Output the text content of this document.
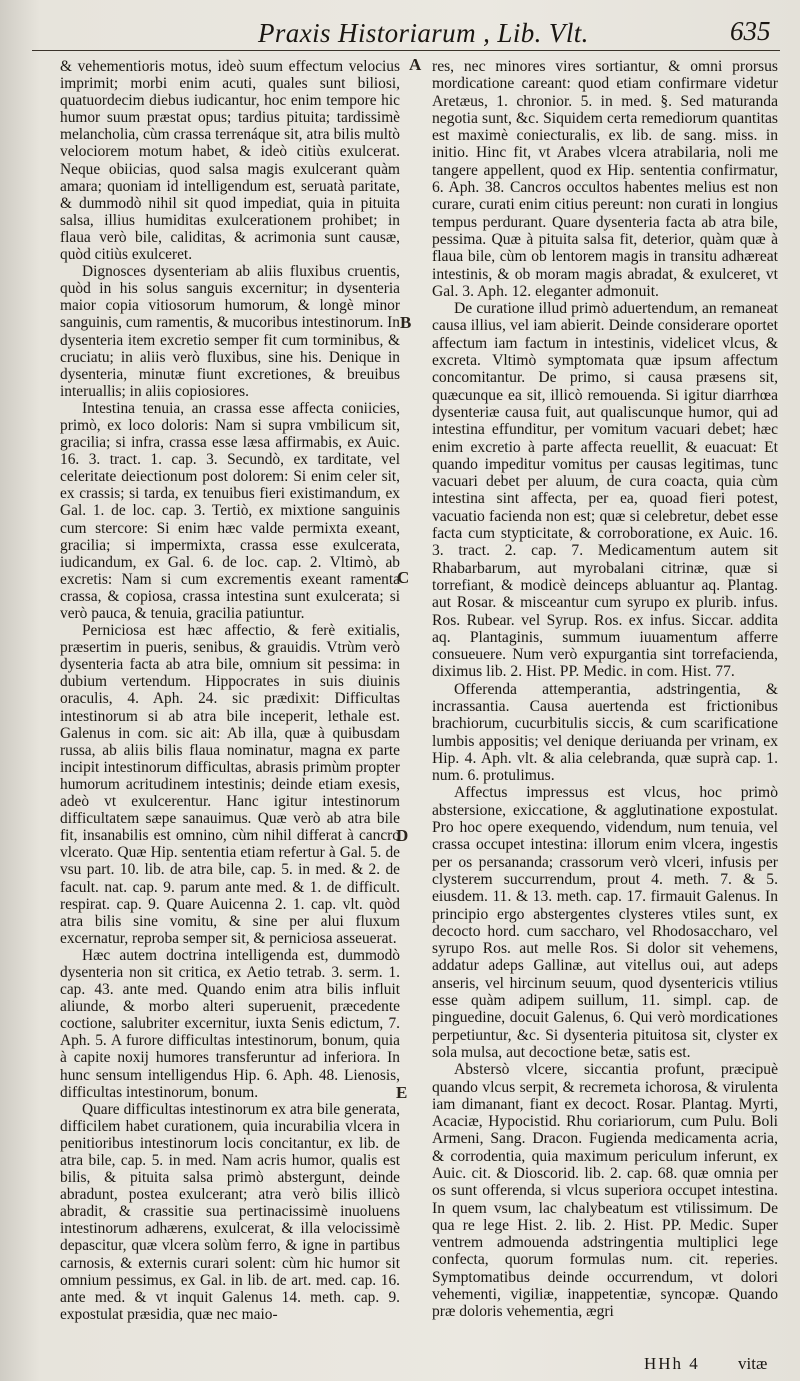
Praxis Historiarum , Lib. Vlt.	635

& vehementioris motus, ideò suum effectum velocius imprimit; morbi enim acuti, quales sunt biliosi, quatuordecim diebus iudicantur, hoc enim tempore hic humor suum præstat opus; tardius pituita; tardissimè melancholia, cùm crassa terrenáque sit, atra bilis multò velociorem motum habet, & ideò citiùs exulcerat. Neque obiicias, quod salsa magis exulcerant quàm amara; quoniam id intelligendum est, seruatà paritate, & dummodò nihil sit quod impediat, quia in pituita salsa, illius humiditas exulcerationem prohibet; in flaua verò bile, caliditas, & acrimonia sunt causæ, quòd citiùs exulceret.

Dignosces dysenteriam ab aliis fluxibus cruentis, quòd in his solus sanguis excernitur; in dysenteria maior copia vitiosorum humorum, & longè minor sanguinis, cum ramentis, & mucoribus intestinorum. In dysenteria item excretio semper fit cum torminibus, & cruciatu; in aliis verò fluxibus, sine his. Denique in dysenteria, minutæ fiunt excretiones, & breuibus interuallis; in aliis copiosiores.

Intestina tenuia, an crassa esse affecta coniicies, primò, ex loco doloris: Nam si supra vmbilicum sit, gracilia; si infra, crassa esse læsa affirmabis, ex Auic. 16. 3. tract. 1. cap. 3. Secundò, ex tarditate, vel celeritate deiectionum post dolorem: Si enim celer sit, ex crassis; si tarda, ex tenuibus fieri existimandum, ex Gal. 1. de loc. cap. 3. Tertiò, ex mixtione sanguinis cum stercore: Si enim hæc valde permixta exeant, gracilia; si impermixta, crassa esse exulcerata, iudicandum, ex Gal. 6. de loc. cap. 2. Vltimò, ab excretis: Nam si cum excrementis exeant ramenta crassa, & copiosa, crassa intestina sunt exulcerata; si verò pauca, & tenuia, gracilia patiuntur.

Perniciosa est hæc affectio, & ferè exitialis, præsertim in pueris, senibus, & grauidis. Vtrùm verò dysenteria facta ab atra bile, omnium sit pessima: in dubium vertendum. Hippocrates in suis diuinis oraculis, 4. Aph. 24. sic prædixit: Difficultas intestinorum si ab atra bile inceperit, lethale est. Galenus in com. sic ait: Ab illa, quæ à quibusdam russa, ab aliis bilis flaua nominatur, magna ex parte incipit intestinorum difficultas, abrasis primùm propter humorum acritudinem intestinis; deinde etiam exesis, adeò vt exulcerentur. Hanc igitur intestinorum difficultatem sæpe sanauimus. Quæ verò ab atra bile fit, insanabilis est omnino, cùm nihil differat à cancro vlcerato. Quæ Hip. sententia etiam refertur à Gal. 5. de vsu part. 10. lib. de atra bile, cap. 5. in med. & 2. de facult. nat. cap. 9. parum ante med. & 1. de difficult. respirat. cap. 9. Quare Auicenna 2. 1. cap. vlt. quòd atra bilis sine vomitu, & sine per alui fluxum excernatur, reproba semper sit, & perniciosa asseuerat.

Hæc autem doctrina intelligenda est, dummodò dysenteria non sit critica, ex Aetio tetrab. 3. serm. 1. cap. 43. ante med. Quando enim atra bilis influit aliunde, & morbo alteri superuenit, præcedente coctione, salubriter excernitur, iuxta Senis edictum, 7. Aph. 5. A furore difficultas intestinorum, bonum, quia à capite noxij humores transferuntur ad inferiora. In hunc sensum intelligendus Hip. 6. Aph. 48. Lienosis, difficultas intestinorum, bonum.

Quare difficultas intestinorum ex atra bile generata, difficilem habet curationem, quia incurabilia vlcera in penitioribus intestinorum locis concitantur, ex lib. de atra bile, cap. 5. in med. Nam acris humor, qualis est bilis, & pituita salsa primò abstergunt, deinde abradunt, postea exulcerant; atra verò bilis illicò abradit, & crassitie sua pertinacissimè inuoluens intestinorum adhærens, exulcerat, & illa velocissimè depascitur, quæ vlcera solùm ferro, & igne in partibus carnosis, & externis curari solent: cùm hic humor sit omnium pessimus, ex Gal. in lib. de art. med. cap. 16. ante med. & vt inquit Galenus 14. meth. cap. 9. expostulat præsidia, quæ nec maio-

A
B
C
D
E

res, nec minores vires sortiantur, & omni prorsus mordicatione careant: quod etiam confirmare videtur Aretæus, 1. chronior. 5. in med. §. Sed maturanda negotia sunt, &c. Siquidem certa remediorum quantitas est maximè coniecturalis, ex lib. de sang. miss. in initio. Hinc fit, vt Arabes vlcera atrabilaria, noli me tangere appellent, quod ex Hip. sententia confirmatur, 6. Aph. 38. Cancros occultos habentes melius est non curare, curati enim citius pereunt: non curati in longius tempus perdurant. Quare dysenteria facta ab atra bile, pessima. Quæ à pituita salsa fit, deterior, quàm quæ à flaua bile, cùm ob lentorem magis in transitu adhæreat intestinis, & ob moram magis abradat, & exulceret, vt Gal. 3. Aph. 12. eleganter admonuit.

De curatione illud primò aduertendum, an remaneat causa illius, vel iam abierit. Deinde considerare oportet affectum iam factum in intestinis, videlicet vlcus, & excreta. Vltimò symptomata quæ ipsum affectum concomitantur. De primo, si causa præsens sit, quæcunque ea sit, illicò remouenda. Si igitur diarrhœa dysenteriæ causa fuit, aut qualiscunque humor, qui ad intestina effunditur, per vomitum vacuari debet; hæc enim excretio à parte affecta reuellit, & euacuat: Et quando impeditur vomitus per causas legitimas, tunc vacuari debet per aluum, de cura coacta, quia cùm intestina sint affecta, per ea, quoad fieri potest, vacuatio facienda non est; quæ si celebretur, debet esse facta cum stypticitate, & corroboratione, ex Auic. 16. 3. tract. 2. cap. 7. Medicamentum autem sit Rhabarbarum, aut myrobalani citrinæ, quæ si torrefiant, & modicè deinceps abluantur aq. Plantag. aut Rosar. & misceantur cum syrupo ex plurib. infus. Ros. Rubear. vel Syrup. Ros. ex infus. Siccar. addita aq. Plantaginis, summum iuuamentum afferre consueuere. Num verò expurgantia sint torrefacienda, diximus lib. 2. Hist. PP. Medic. in com. Hist. 77.

Offerenda attemperantia, adstringentia, & incrassantia. Causa auertenda est frictionibus brachiorum, cucurbitulis siccis, & cum scarificatione lumbis appositis; vel denique deriuanda per vrinam, ex Hip. 4. Aph. vlt. & alia celebranda, quæ suprà cap. 1. num. 6. protulimus.

Affectus impressus est vlcus, hoc primò abstersione, exiccatione, & agglutinatione expostulat. Pro hoc opere exequendo, videndum, num tenuia, vel crassa occupet intestina: illorum enim vlcera, ingestis per os persananda; crassorum verò vlceri, infusis per clysterem succurrendum, prout 4. meth. 7. & 5. eiusdem. 11. & 13. meth. cap. 17. firmauit Galenus. In principio ergo abstergentes clysteres vtiles sunt, ex decocto hord. cum saccharo, vel Rhodosaccharo, vel syrupo Ros. aut melle Ros. Si dolor sit vehemens, addatur adeps Gallinæ, aut vitellus oui, aut adeps anseris, vel hircinum seuum, quod dysentericis vtilius esse quàm adipem suillum, 11. simpl. cap. de pinguedine, docuit Galenus, 6. Qui verò mordicationes perpetiuntur, &c. Si dysenteria pituitosa sit, clyster ex sola mulsa, aut decoctione betæ, satis est.

Abstersò vlcere, siccantia profunt, præcipuè quando vlcus serpit, & recremeta ichorosa, & virulenta iam dimanant, fiant ex decoct. Rosar. Plantag. Myrti, Acaciæ, Hypocistid. Rhu coriariorum, cum Pulu. Boli Armeni, Sang. Dracon. Fugienda medicamenta acria, & corrodentia, quia maximum periculum inferunt, ex Auic. cit. & Dioscorid. lib. 2. cap. 68. quæ omnia per os sunt offerenda, si vlcus superiora occupet intestina. In quem vsum, lac chalybeatum est vtilissimum. De qua re lege Hist. 2. lib. 2. Hist. PP. Medic. Super ventrem admouenda adstringentia multiplici lege confecta, quorum formulas num. cit. reperies. Symptomatibus deinde occurrendum, vt dolori vehementi, vigiliæ, inappetentiæ, syncopæ. Quando præ doloris vehementia, ægri

HHh 4 vitæ
